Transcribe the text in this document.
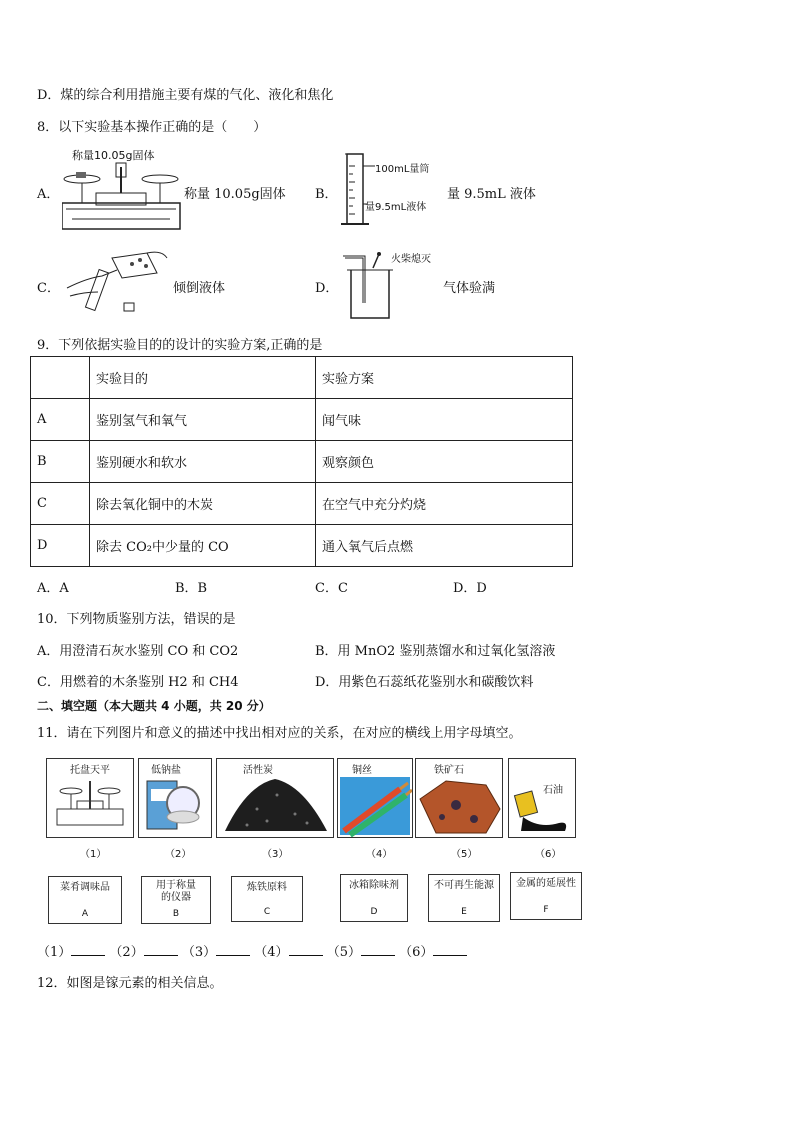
D．煤的综合利用措施主要有煤的气化、液化和焦化
8．以下实验基本操作正确的是（　　）
A．
称量10.05g固体
称量 10.05g固体 B．
100mL量筒
量9.5mL液体
量 9.5mL 液体
C．	倾倒液体	D．
火柴熄灭
气体验满
9．下列依据实验目的的设计的实验方案,正确的是
	实验目的	实验方案
A	鉴别氢气和氧气	闻气味
B	鉴别硬水和软水	观察颜色
C	除去氧化铜中的木炭	在空气中充分灼烧
D	除去 CO₂中少量的 CO	通入氧气后点燃
A．A	B．B	C．C	D．D
10．下列物质鉴别方法，错误的是
A．用澄清石灰水鉴别 CO 和 CO2	B．用 MnO2 鉴别蒸馏水和过氧化氢溶液
C．用燃着的木条鉴别 H2 和 CH4	D．用紫色石蕊纸花鉴别水和碳酸饮料
二、填空题（本大题共 4 小题，共 20 分）
11．请在下列图片和意义的描述中找出相对应的关系，在对应的横线上用字母填空。
托盘天平	低钠盐	活性炭	铜丝	铁矿石
石油
（1）	（2）	（3）	（4）	（5）	（6）
菜肴调味品
A
用于称量的仪器
B
炼铁原料
C
冰箱除味剂
D
不可再生能源
E
金属的延展性
F
（1）	（2）	（3）	（4）	（5）	（6）
12．如图是镓元素的相关信息。
